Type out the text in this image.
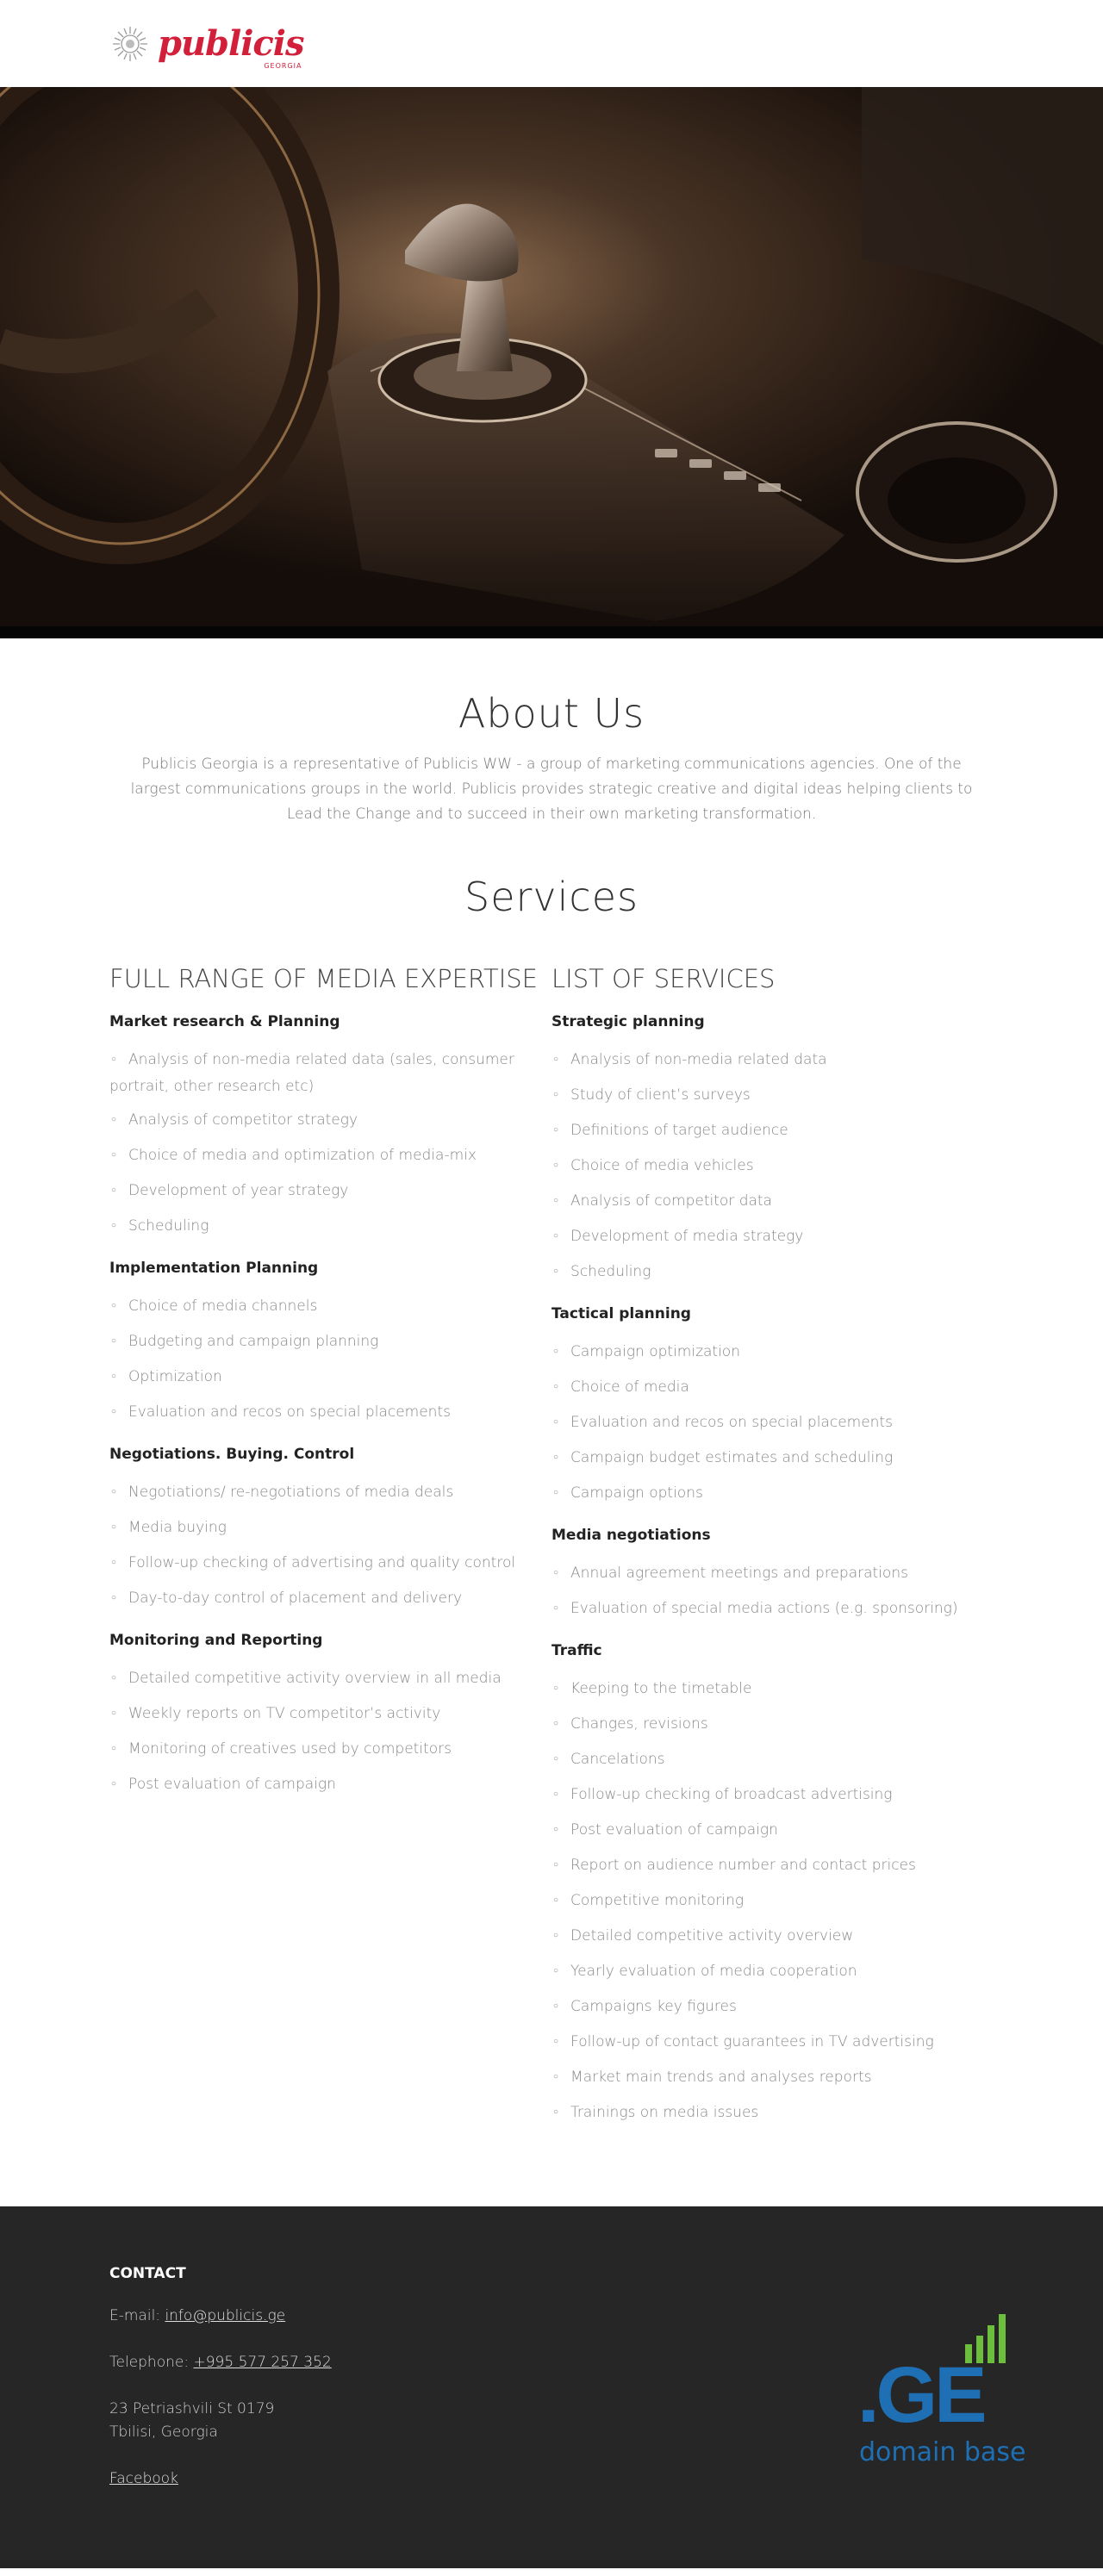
publicis
GEORGIA
About Us

Publicis Georgia is a representative of Publicis WW - a group of marketing communications agencies. One of the largest communications groups in the world. Publicis provides strategic creative and digital ideas helping clients to Lead the Change and to succeed in their own marketing transformation.

Services
FULL RANGE OF MEDIA EXPERTISE
Market research & Planning
○ Analysis of non-media related data (sales, consumer portrait, other research etc)
○ Analysis of competitor strategy
○ Choice of media and optimization of media-mix
○ Development of year strategy
○ Scheduling
Implementation Planning
○ Choice of media channels
○ Budgeting and campaign planning
○ Optimization
○ Evaluation and recos on special placements
Negotiations. Buying. Control
○ Negotiations/ re-negotiations of media deals
○ Media buying
○ Follow-up checking of advertising and quality control
○ Day-to-day control of placement and delivery
Monitoring and Reporting
○ Detailed competitive activity overview in all media
○ Weekly reports on TV competitor’s activity
○ Monitoring of creatives used by competitors
○ Post evaluation of campaign
LIST OF SERVICES
Strategic planning
○ Analysis of non-media related data
○ Study of client’s surveys
○ Definitions of target audience
○ Choice of media vehicles
○ Analysis of competitor data
○ Development of media strategy
○ Scheduling
Tactical planning
○ Campaign optimization
○ Choice of media
○ Evaluation and recos on special placements
○ Campaign budget estimates and scheduling
○ Campaign options
Media negotiations
○ Annual agreement meetings and preparations
○ Evaluation of special media actions (e.g. sponsoring)
Traffic
○ Keeping to the timetable
○ Changes, revisions
○ Cancelations
○ Follow-up checking of broadcast advertising
○ Post evaluation of campaign
○ Report on audience number and contact prices
○ Competitive monitoring
○ Detailed competitive activity overview
○ Yearly evaluation of media cooperation
○ Campaigns key figures
○ Follow-up of contact guarantees in TV advertising
○ Market main trends and analyses reports
○ Trainings on media issues
CONTACT
E-mail: info@publicis.ge
Telephone: +995 577 257 352
23 Petriashvili St 0179
Tbilisi, Georgia
Facebook
.GE
domain base
